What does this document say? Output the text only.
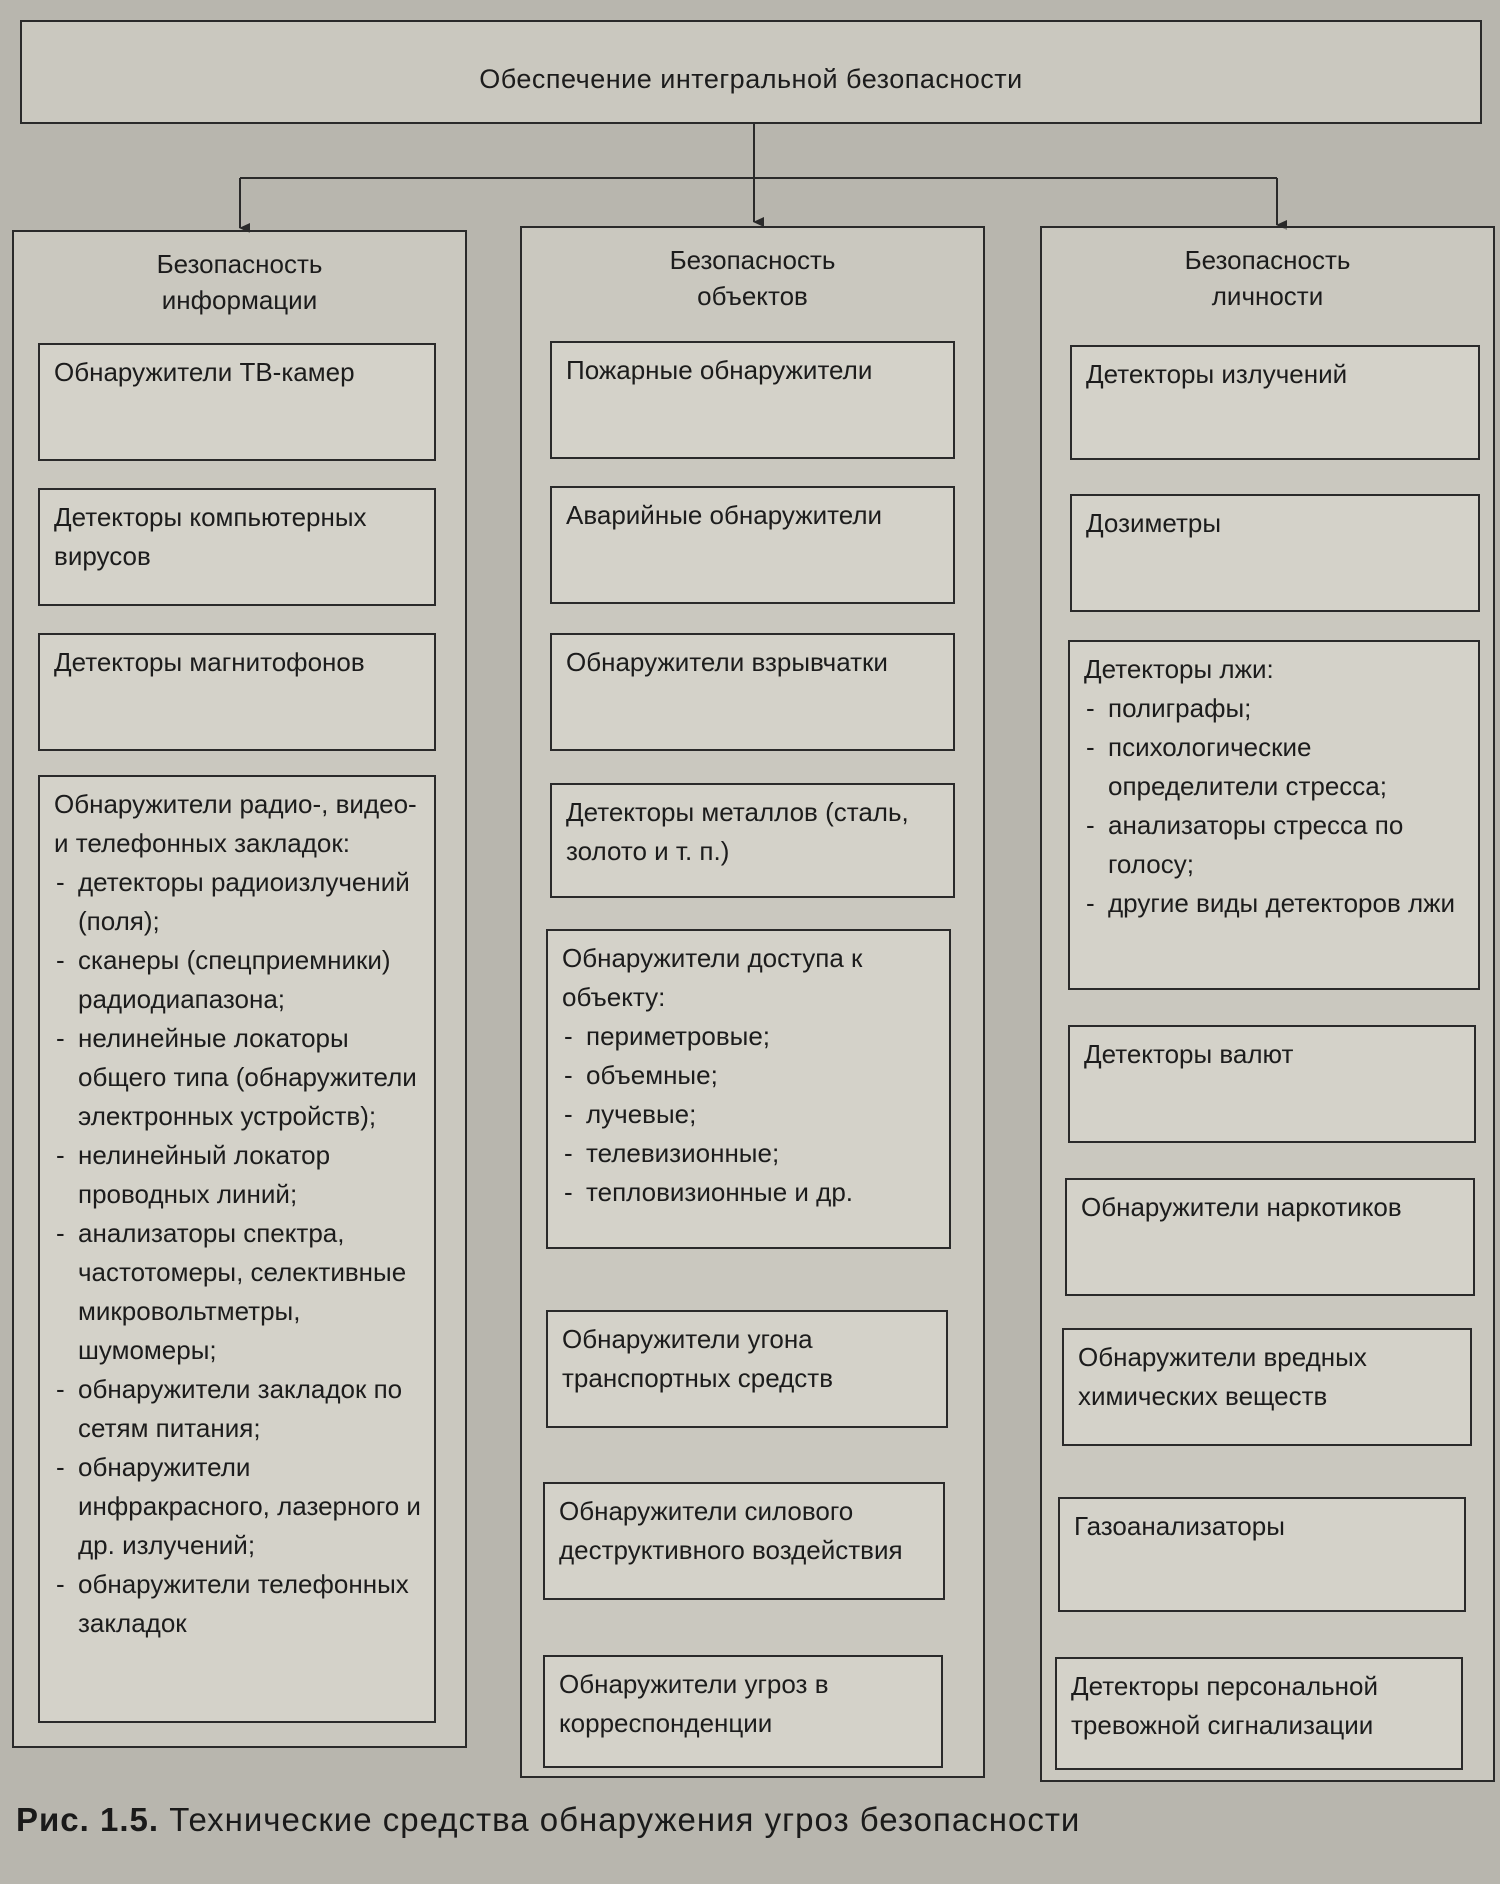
Обеспечение интегральной безопасности
Безопасность
информации
Обнаружители ТВ-камер
Детекторы компьютерных вирусов
Детекторы магнитофонов
Обнаружители радио-, видео- и телефонных закладок:
- детекторы радиоизлучений (поля);
- сканеры (спецприемники) радиодиапазона;
- нелинейные локаторы общего типа (обнаружители электронных устройств);
- нелинейный локатор проводных линий;
- анализаторы спектра, частотомеры, селективные микровольтметры, шумомеры;
- обнаружители закладок по сетям питания;
- обнаружители инфракрасного, лазерного и др. излучений;
- обнаружители телефонных закладок
Безопасность
объектов
Пожарные обнаружители
Аварийные обнаружители
Обнаружители взрывчатки
Детекторы металлов (сталь, золото и т. п.)
Обнаружители доступа к объекту:
- периметровые;
- объемные;
- лучевые;
- телевизионные;
- тепловизионные и др.
Обнаружители угона транспортных средств
Обнаружители силового деструктивного воздействия
Обнаружители угроз в корреспонденции
Безопасность
личности
Детекторы излучений
Дозиметры
Детекторы лжи:
- полиграфы;
- психологические определители стресса;
- анализаторы стресса по голосу;
- другие виды детекторов лжи
Детекторы валют
Обнаружители наркотиков
Обнаружители вредных химических веществ
Газоанализаторы
Детекторы персональной тревожной сигнализации
Рис. 1.5. Технические средства обнаружения угроз безопасности
